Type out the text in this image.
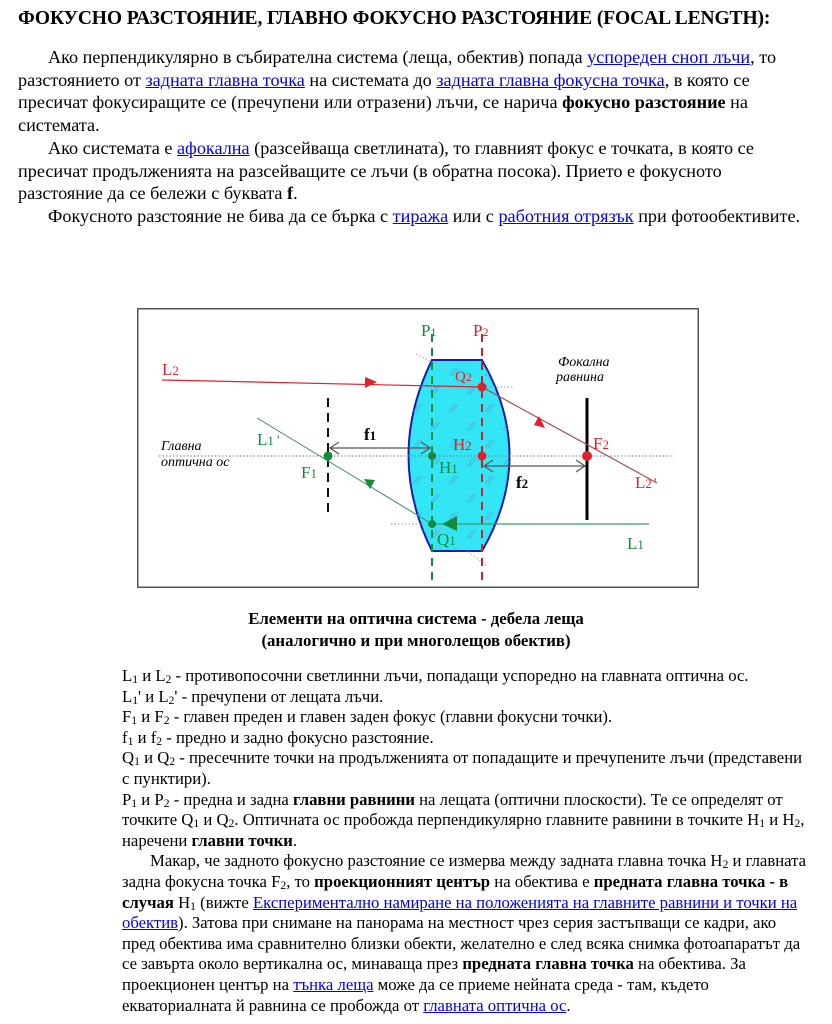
ФОКУСНО РАЗСТОЯНИЕ, ГЛАВНО ФОКУСНО РАЗСТОЯНИЕ (FOCAL LENGTH):

Ако перпендикулярно в събирателна система (леща, обектив) попада успореден сноп лъчи, то разстоянието от задната главна точка на системата до задната главна фокусна точка, в която се пресичат фокусиращите се (пречупени или отразени) лъчи, се нарича фокусно разстояние на системата.

Ако системата е афокална (разсейваща светлината), то главният фокус е точката, в която се пресичат продълженията на разсейващите се лъчи (в обратна посока). Прието е фокусното разстояние да се бележи с буквата f.

Фокусното разстояние не бива да се бърка с тиража или с работния отрязък при фотообективите.

P1 P2
L2
L1 '	f1
Главна
оптична ос
F1
Q2
H2
H1
Q1
f2
F2
L2 '
L1
Фокална
равнина
Елементи на оптична система - дебела леща
(аналогично и при многолещов обектив)

$L_1$ и $L_2$ - противопосочни светлинни лъчи, попадащи успоредно на главната оптична ос.

$L_1'$ и $L_2'$ - пречупени от лещата лъчи.

$F_1$ и $F_2$ - главен преден и главен заден фокус (главни фокусни точки).

$f_1$ и $f_2$ - предно и задно фокусно разстояние.

$Q_1$ и $Q_2$ - пресечните точки на продълженията от попадащите и пречупените лъчи (представени с пунктири).

$P_1$ и $P_2$ - предна и задна главни равнини на лещата (оптични плоскости). Те се определят от точките $Q_1$ и $Q_2$. Оптичната ос пробожда перпендикулярно главните равнини в точките $H_1$ и $H_2$, наречени главни точки.

Макар, че задното фокусно разстояние се измерва между задната главна точка $H_2$ и главната задна фокусна точка $F_2$, то проекционният център на обектива е предната главна точка - в случая $H_1$ (вижте Експериментално намиране на положенията на главните равнини и точки на обектив). Затова при снимане на панорама на местност чрез серия застъпващи се кадри, ако пред обектива има сравнително близки обекти, желателно е след всяка снимка фотоапаратът да се завърта около вертикална ос, минаваща през предната главна точка на обектива. За проекционен център на тънка леща може да се приеме нейната среда - там, където екваториалната й равнина се пробожда от главната оптична ос.
